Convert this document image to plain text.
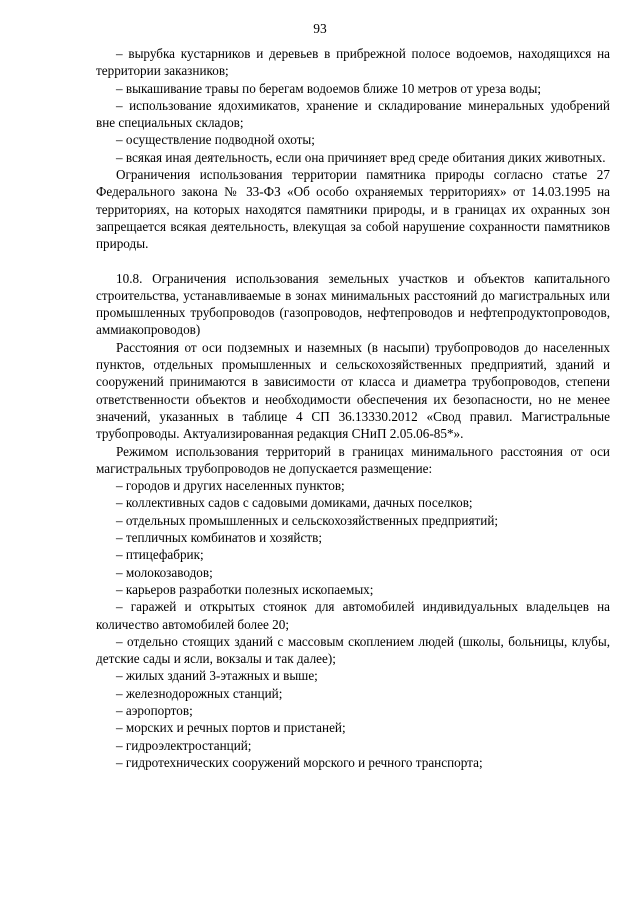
93

– вырубка кустарников и деревьев в прибрежной полосе водоемов, находящихся на территории заказников;

– выкашивание травы по берегам водоемов ближе 10 метров от уреза воды;

– использование ядохимикатов, хранение и складирование минеральных удобрений вне специальных складов;

– осуществление подводной охоты;

– всякая иная деятельность, если она причиняет вред среде обитания диких животных.

Ограничения использования территории памятника природы согласно статье 27 Федерального закона № 33-ФЗ «Об особо охраняемых территориях» от 14.03.1995 на территориях, на которых находятся памятники природы, и в границах их охранных зон запрещается всякая деятельность, влекущая за собой нарушение сохранности памятников природы.

10.8. Ограничения использования земельных участков и объектов капитального строительства, устанавливаемые в зонах минимальных расстояний до магистральных или промышленных трубопроводов (газопроводов, нефтепроводов и нефтепродуктопроводов, аммиакопроводов)

Расстояния от оси подземных и наземных (в насыпи) трубопроводов до населенных пунктов, отдельных промышленных и сельскохозяйственных предприятий, зданий и сооружений принимаются в зависимости от класса и диаметра трубопроводов, степени ответственности объектов и необходимости обеспечения их безопасности, но не менее значений, указанных в таблице 4 СП 36.13330.2012 «Свод правил. Магистральные трубопроводы. Актуализированная редакция СНиП 2.05.06-85*».

Режимом использования территорий в границах минимального расстояния от оси магистральных трубопроводов не допускается размещение:

– городов и других населенных пунктов;

– коллективных садов с садовыми домиками, дачных поселков;

– отдельных промышленных и сельскохозяйственных предприятий;

– тепличных комбинатов и хозяйств;

– птицефабрик;

– молокозаводов;

– карьеров разработки полезных ископаемых;

– гаражей и открытых стоянок для автомобилей индивидуальных владельцев на количество автомобилей более 20;

– отдельно стоящих зданий с массовым скоплением людей (школы, больницы, клубы, детские сады и ясли, вокзалы и так далее);

– жилых зданий 3-этажных и выше;

– железнодорожных станций;

– аэропортов;

– морских и речных портов и пристаней;

– гидроэлектростанций;

– гидротехнических сооружений морского и речного транспорта;
